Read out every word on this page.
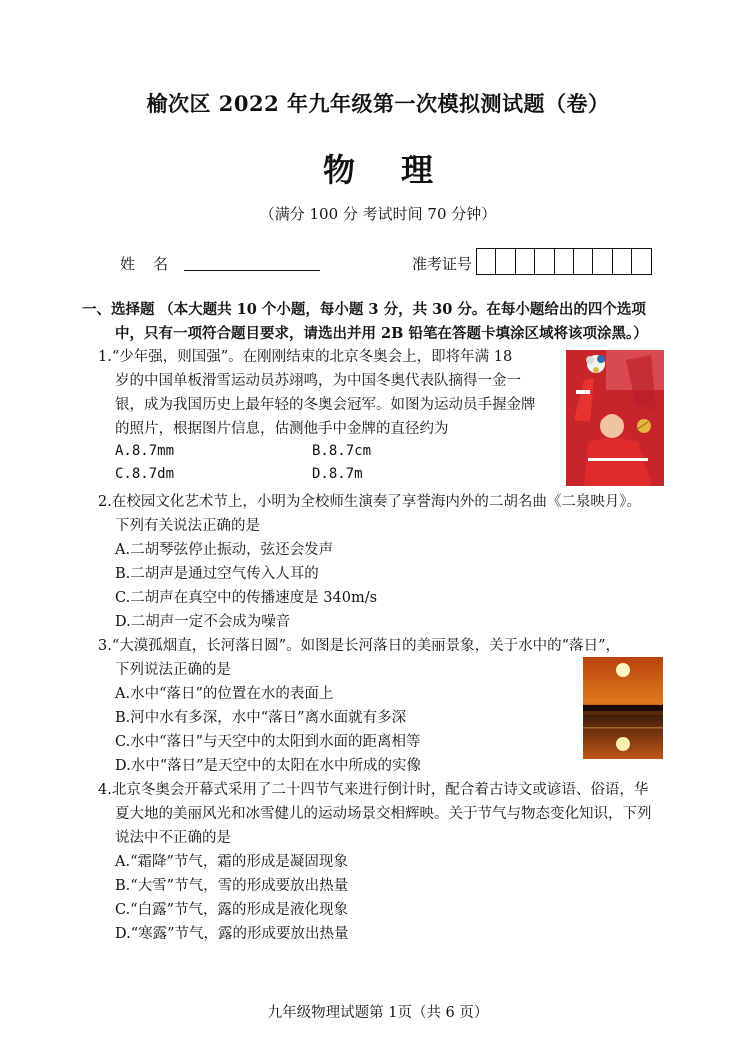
榆次区 2022 年九年级第一次模拟测试题（卷）
物理
（满分 100 分 考试时间 70 分钟）
姓名	准考证号
一、选择题 （本大题共 10 个小题，每小题 3 分，共 30 分。在每小题给出的四个选项
中，只有一项符合题目要求，请选出并用 2B 铅笔在答题卡填涂区域将该项涂黑。）
1.“少年强，则国强”。在刚刚结束的北京冬奥会上，即将年满 18
岁的中国单板滑雪运动员苏翊鸣，为中国冬奥代表队摘得一金一
银，成为我国历史上最年轻的冬奥会冠军。如图为运动员手握金牌
的照片，根据图片信息，估测他手中金牌的直径约为
A.8.7mm	B.8.7cm
C.8.7dm	D.8.7m
2.在校园文化艺术节上，小明为全校师生演奏了享誉海内外的二胡名曲《二泉映月》。
下列有关说法正确的是
A.二胡琴弦停止振动，弦还会发声
B.二胡声是通过空气传入人耳的
C.二胡声在真空中的传播速度是 340m/s
D.二胡声一定不会成为噪音
3.“大漠孤烟直，长河落日圆”。如图是长河落日的美丽景象，关于水中的“落日”，
下列说法正确的是
A.水中“落日”的位置在水的表面上
B.河中水有多深，水中“落日”离水面就有多深
C.水中“落日”与天空中的太阳到水面的距离相等
D.水中“落日”是天空中的太阳在水中所成的实像
4.北京冬奥会开幕式采用了二十四节气来进行倒计时，配合着古诗文或谚语、俗语，华
夏大地的美丽风光和冰雪健儿的运动场景交相辉映。关于节气与物态变化知识，下列
说法中不正确的是
A.“霜降”节气，霜的形成是凝固现象
B.“大雪”节气，雪的形成要放出热量
C.“白露”节气，露的形成是液化现象
D.“寒露”节气，露的形成要放出热量
九年级物理试题第 1页（共 6 页）
